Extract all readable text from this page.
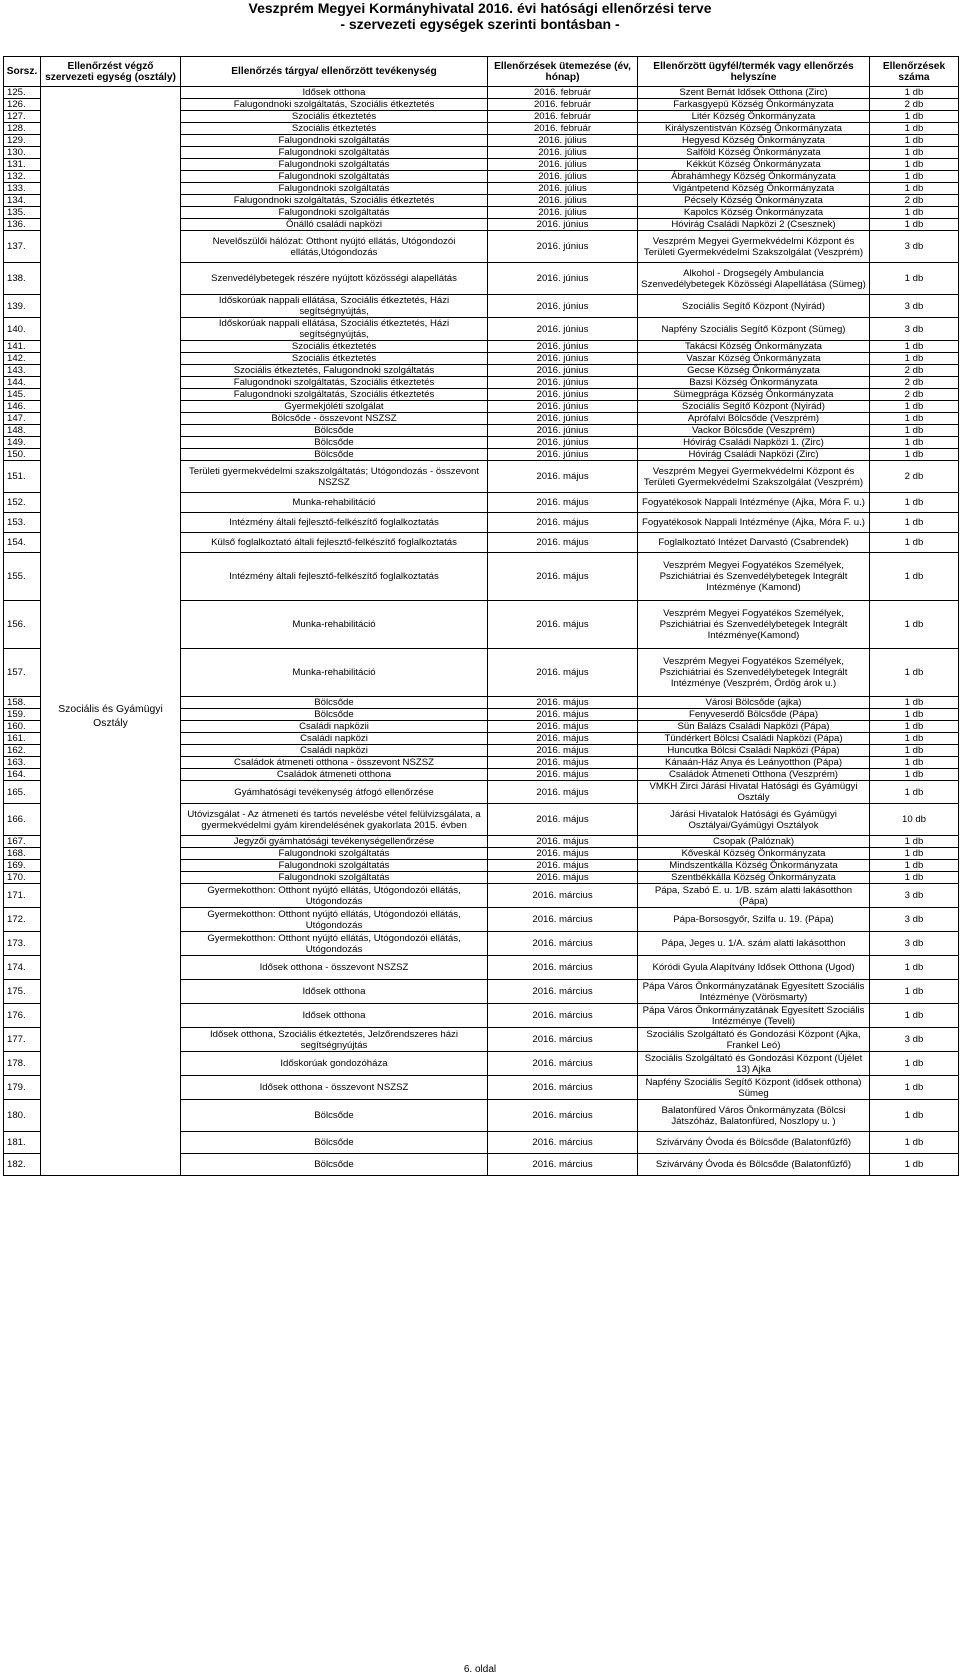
Veszprém Megyei Kormányhivatal 2016. évi hatósági ellenőrzési terve
- szervezeti egységek szerinti bontásban -
Sorsz.	Ellenőrzést végző szervezeti egység (osztály)	Ellenőrzés tárgya/ ellenőrzött tevékenység	Ellenőrzések ütemezése (év, hónap)	Ellenőrzött ügyfél/termék vagy ellenőrzés helyszíne	Ellenőrzések száma
125.	Szociális és Gyámügyi Osztály	Idősek otthona	2016. február	Szent Bernát Idősek Otthona (Zirc)	1 db
126.		Falugondnoki szolgáltatás, Szociális étkeztetés	2016. február	Farkasgyepü Község Önkormányzata	2 db
127.		Szociális étkeztetés	2016. február	Litér Község Önkormányzata	1 db
128.		Szociális étkeztetés	2016. február	Királyszentistván Község Önkormányzata	1 db
129.		Falugondnoki szolgáltatás	2016. július	Hegyesd Község Önkormányzata	1 db
130.		Falugondnoki szolgáltatás	2016. július	Salföld Község Önkormányzata	1 db
131.		Falugondnoki szolgáltatás	2016. július	Kékkút Község Önkormányzata	1 db
132.		Falugondnoki szolgáltatás	2016. július	Ábrahámhegy Község Önkormányzata	1 db
133.		Falugondnoki szolgáltatás	2016. július	Vigántpetend Község Önkormányzata	1 db
134.		Falugondnoki szolgáltatás, Szociális étkeztetés	2016. július	Pécsely Község Önkormányzata	2 db
135.		Falugondnoki szolgáltatás	2016. július	Kapolcs Község Önkormányzata	1 db
136.		Önálló családi napközi	2016. június	Hóvirág Családi Napközi 2 (Csesznek)	1 db
137.		Nevelőszülői hálózat: Otthont nyújtó ellátás, Utógondozói ellátás,Utógondozás	2016. június	Veszprém Megyei Gyermekvédelmi Központ és Területi Gyermekvédelmi Szakszolgálat (Veszprém)	3 db
138.		Szenvedélybetegek részére nyújtott közösségi alapellátás	2016. június	Alkohol - Drogsegély Ambulancia Szenvedélybetegek Közösségi Alapellátása (Sümeg)	1 db
139.		Időskorúak nappali ellátása, Szociális étkeztetés, Házi segítségnyújtás,	2016. június	Szociális Segítő Központ (Nyirád)	3 db
140.		Időskorúak nappali ellátása, Szociális étkeztetés, Házi segítségnyújtás,	2016. június	Napfény Szociális Segítő Központ (Sümeg)	3 db
141.		Szociális étkeztetés	2016. június	Takácsi Község Önkormányzata	1 db
142.		Szociális étkeztetés	2016. június	Vaszar Község Önkormányzata	1 db
143.		Szociális étkeztetés, Falugondnoki szolgáltatás	2016. június	Gecse Község Önkormányzata	2 db
144.		Falugondnoki szolgáltatás, Szociális étkeztetés	2016. június	Bazsi Község Önkormányzata	2 db
145.		Falugondnoki szolgáltatás, Szociális étkeztetés	2016. június	Sümegprága Község Önkormányzata	2 db
146.		Gyermekjóléti szolgálat	2016. június	Szociális Segítő Központ (Nyirád)	1 db
147.		Bölcsőde - összevont NSZSZ	2016. június	Aprófalvi Bölcsőde (Veszprém)	1 db
148.		Bölcsőde	2016. június	Vackor Bölcsőde (Veszprém)	1 db
149.		Bölcsőde	2016. június	Hóvirág Családi Napközi 1. (Zirc)	1 db
150.		Bölcsőde	2016. június	Hóvirág Családi Napközi (Zirc)	1 db
151.		Területi gyermekvédelmi szakszolgáltatás; Utógondozás - összevont NSZSZ	2016. május	Veszprém Megyei Gyermekvédelmi Központ és Területi Gyermekvédelmi Szakszolgálat (Veszprém)	2 db
152.		Munka-rehabilitáció	2016. május	Fogyatékosok Nappali Intézménye (Ajka, Móra F. u.)	1 db
153.		Intézmény általi fejlesztő-felkészítő foglalkoztatás	2016. május	Fogyatékosok Nappali Intézménye (Ajka, Móra F. u.)	1 db
154.		Külső foglalkoztató általi fejlesztő-felkészítő foglalkoztatás	2016. május	Foglalkoztató Intézet Darvastó (Csabrendek)	1 db
155.		Intézmény általi fejlesztő-felkészítő foglalkoztatás	2016. május	Veszprém Megyei Fogyatékos Személyek, Pszichiátriai és Szenvedélybetegek Integrált Intézménye (Kamond)	1 db
156.		Munka-rehabilitáció	2016. május	Veszprém Megyei Fogyatékos Személyek, Pszichiátriai és Szenvedélybetegek Integrált Intézménye(Kamond)	1 db
157.		Munka-rehabilitáció	2016. május	Veszprém Megyei Fogyatékos Személyek, Pszichiátriai és Szenvedélybetegek Integrált Intézménye (Veszprém, Ördög árok u.)	1 db
158.		Bölcsőde	2016. május	Városi Bölcsőde (ajka)	1 db
159.		Bölcsőde	2016. május	Fenyveserdő Bölcsőde (Pápa)	1 db
160.		Családi napköziі	2016. május	Sün Balázs Családi Napközi (Pápa)	1 db
161.		Családi napközi	2016. május	Tündérkert Bölcsi Családi Napközi (Pápa)	1 db
162.		Családi napközi	2016. május	Huncutka Bölcsi Családi Napközi (Pápa)	1 db
163.		Családok átmeneti otthona - összevont NSZSZ	2016. május	Kánaán-Ház Anya és Leányotthon (Pápa)	1 db
164.		Családok átmeneti otthona	2016. május	Családok Átmeneti Otthona (Veszprém)	1 db
165.		Gyámhatósági tevékenység átfogó ellenőrzése	2016. május	VMKH Zirci Járási Hivatal Hatósági és Gyámügyi Osztály	1 db
166.		Utóvizsgálat - Az átmeneti és tartós nevelésbe vétel felülvizsgálata, a gyermekvédelmi gyám kirendelésének gyakorlata 2015. évben	2016. május	Járási Hivatalok Hatósági és Gyámügyi Osztályai/Gyámügyi Osztályok	10 db
167.		Jegyzői gyámhatósági tevékenységellenőrzése	2016. május	Csopak (Palóznak)	1 db
168.		Falugondnoki szolgáltatás	2016. május	Kőveskál Község Önkormányzata	1 db
169.		Falugondnoki szolgáltatás	2016. május	Mindszentkálla Község Önkormányzata	1 db
170.		Falugondnoki szolgáltatás	2016. május	Szentbékkálla Község Önkormányzata	1 db
171.		Gyermekotthon: Otthont nyújtó ellátás, Utógondozói ellátás, Utógondozás	2016. március	Pápa, Szabó E. u. 1/B. szám alatti lakásotthon (Pápa)	3 db
172.		Gyermekotthon: Otthont nyújtó ellátás, Utógondozói ellátás, Utógondozás	2016. március	Pápa-Borsosgyőr, Szilfa u. 19. (Pápa)	3 db
173.		Gyermekotthon: Otthont nyújtó ellátás, Utógondozói ellátás, Utógondozás	2016. március	Pápa, Jeges u. 1/A. szám alatti lakásotthon	3 db
174.		Idősek otthona - összevont NSZSZ	2016. március	Kóródi Gyula Alapítvány Idősek Otthona (Ugod)	1 db
175.		Idősek otthona	2016. március	Pápa Város Önkormányzatának Egyesített Szociális Intézménye (Vörösmarty)	1 db
176.		Idősek otthona	2016. március	Pápa Város Önkormányzatának Egyesített Szociális Intézménye (Teveli)	1 db
177.		Idősek otthona, Szociális étkeztetés, Jelzőrendszeres házi segítségnyújtás	2016. március	Szociális Szolgáltató és Gondozási Központ (Ajka, Frankel Leó)	3 db
178.		Időskorúak gondozóháza	2016. március	Szociális Szolgáltató és Gondozási Központ (Újélet 13) Ajka	1 db
179.		Idősek otthona - összevont NSZSZ	2016. március	Napfény Szociális Segítő Központ (idősek otthona) Sümeg	1 db
180.		Bölcsőde	2016. március	Balatonfüred Város Önkormányzata (Bölcsi Játszóház, Balatonfüred, Noszlopy u. )	1 db
181.		Bölcsőde	2016. március	Szivárvány Óvoda és Bölcsőde (Balatonfűzfő)	1 db
182.		Bölcsőde	2016. március	Szivárvány Óvoda és Bölcsőde (Balatonfűzfő)	1 db
6. oldal
